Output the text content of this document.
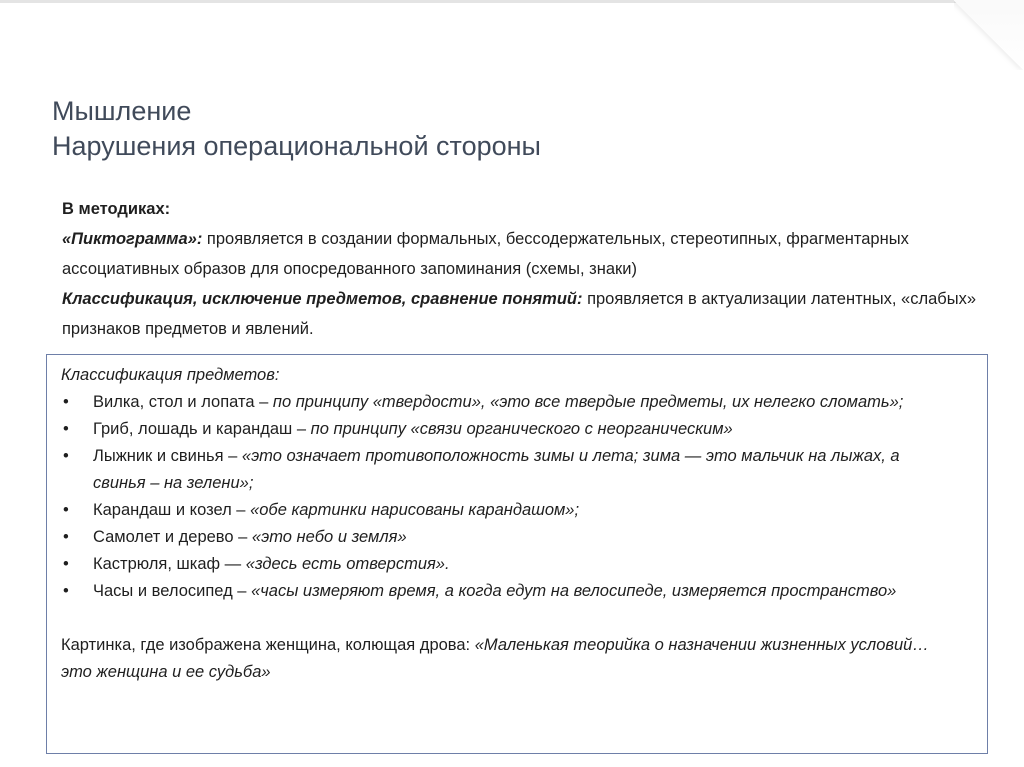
Мышление
Нарушения операциональной стороны

В методиках:

«Пиктограмма»: проявляется в создании формальных, бессодержательных, стереотипных, фрагментарных ассоциативных образов для опосредованного запоминания (схемы, знаки)

Классификация, исключение предметов, сравнение понятий: проявляется в актуализации латентных, «слабых» признаков предметов и явлений.

Классификация предметов:

• Вилка, стол и лопата – по принципу «твердости», «это все твердые предметы, их нелегко сломать»;
• Гриб, лошадь и карандаш – по принципу «связи органического с неорганическим»
• Лыжник и свинья – «это означает противоположность зимы и лета; зима — это мальчик на лыжах, а свинья – на зелени»;
• Карандаш и козел – «обе картинки нарисованы карандашом»;
• Самолет и дерево – «это небо и земля»
• Кастрюля, шкаф — «здесь есть отверстия».
• Часы и велосипед – «часы измеряют время, а когда едут на велосипеде, измеряется пространство»

Картинка, где изображена женщина, колющая дрова: «Маленькая теорийка о назначении жизненных условий… это женщина и ее судьба»
